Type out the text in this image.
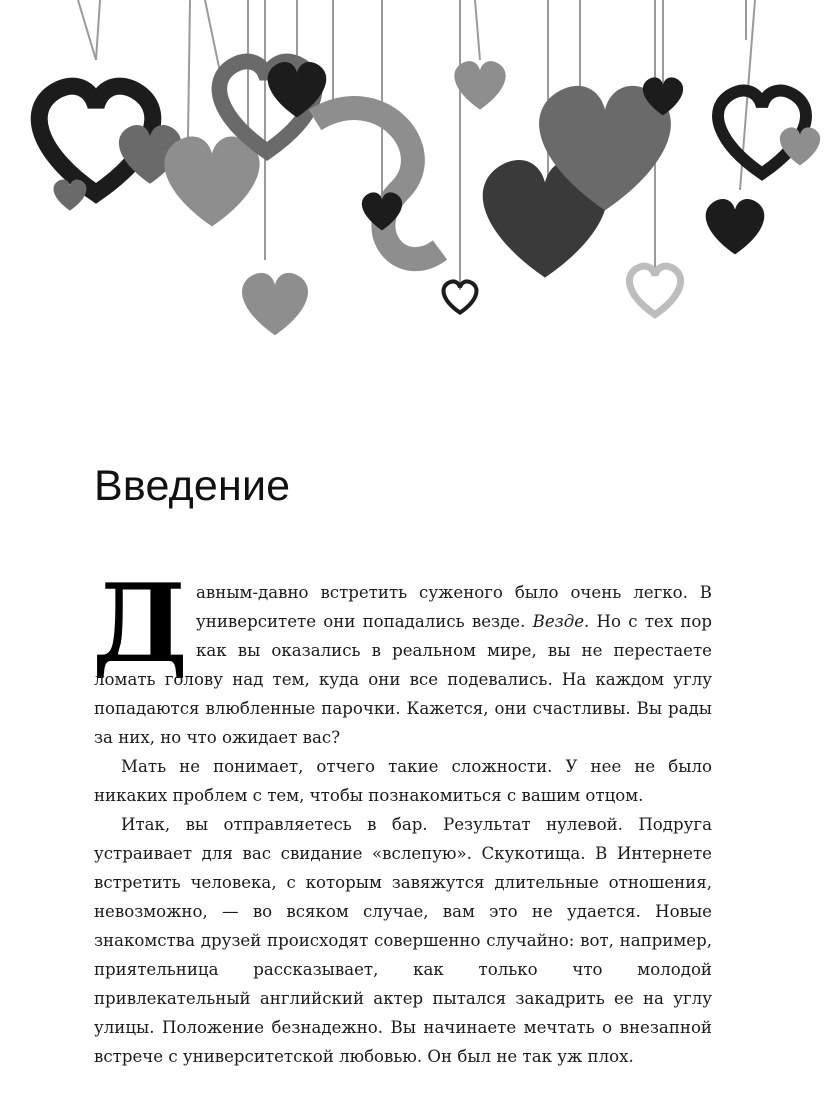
Введение

Давным-давно встретить суженого было очень легко. В университете они попадались везде. Везде. Но с тех пор как вы оказались в реальном мире, вы не перестаете ломать голову над тем, куда они все подевались. На каждом углу попадаются влюбленные парочки. Кажется, они счастливы. Вы рады за них, но что ожидает вас?

Мать не понимает, отчего такие сложности. У нее не было никаких проблем с тем, чтобы познакомиться с вашим отцом.

Итак, вы отправляетесь в бар. Результат нулевой. Подруга устраивает для вас свидание «вслепую». Скукотища. В Интернете встретить человека, с которым завяжутся длительные отношения, невозможно, — во всяком случае, вам это не удается. Новые знакомства друзей происходят совершенно случайно: вот, например, приятельница рассказывает, как только что молодой привлекательный английский актер пытался закадрить ее на углу улицы. Положение безнадежно. Вы начинаете мечтать о внезапной встрече с университетской любовью. Он был не так уж плох.
